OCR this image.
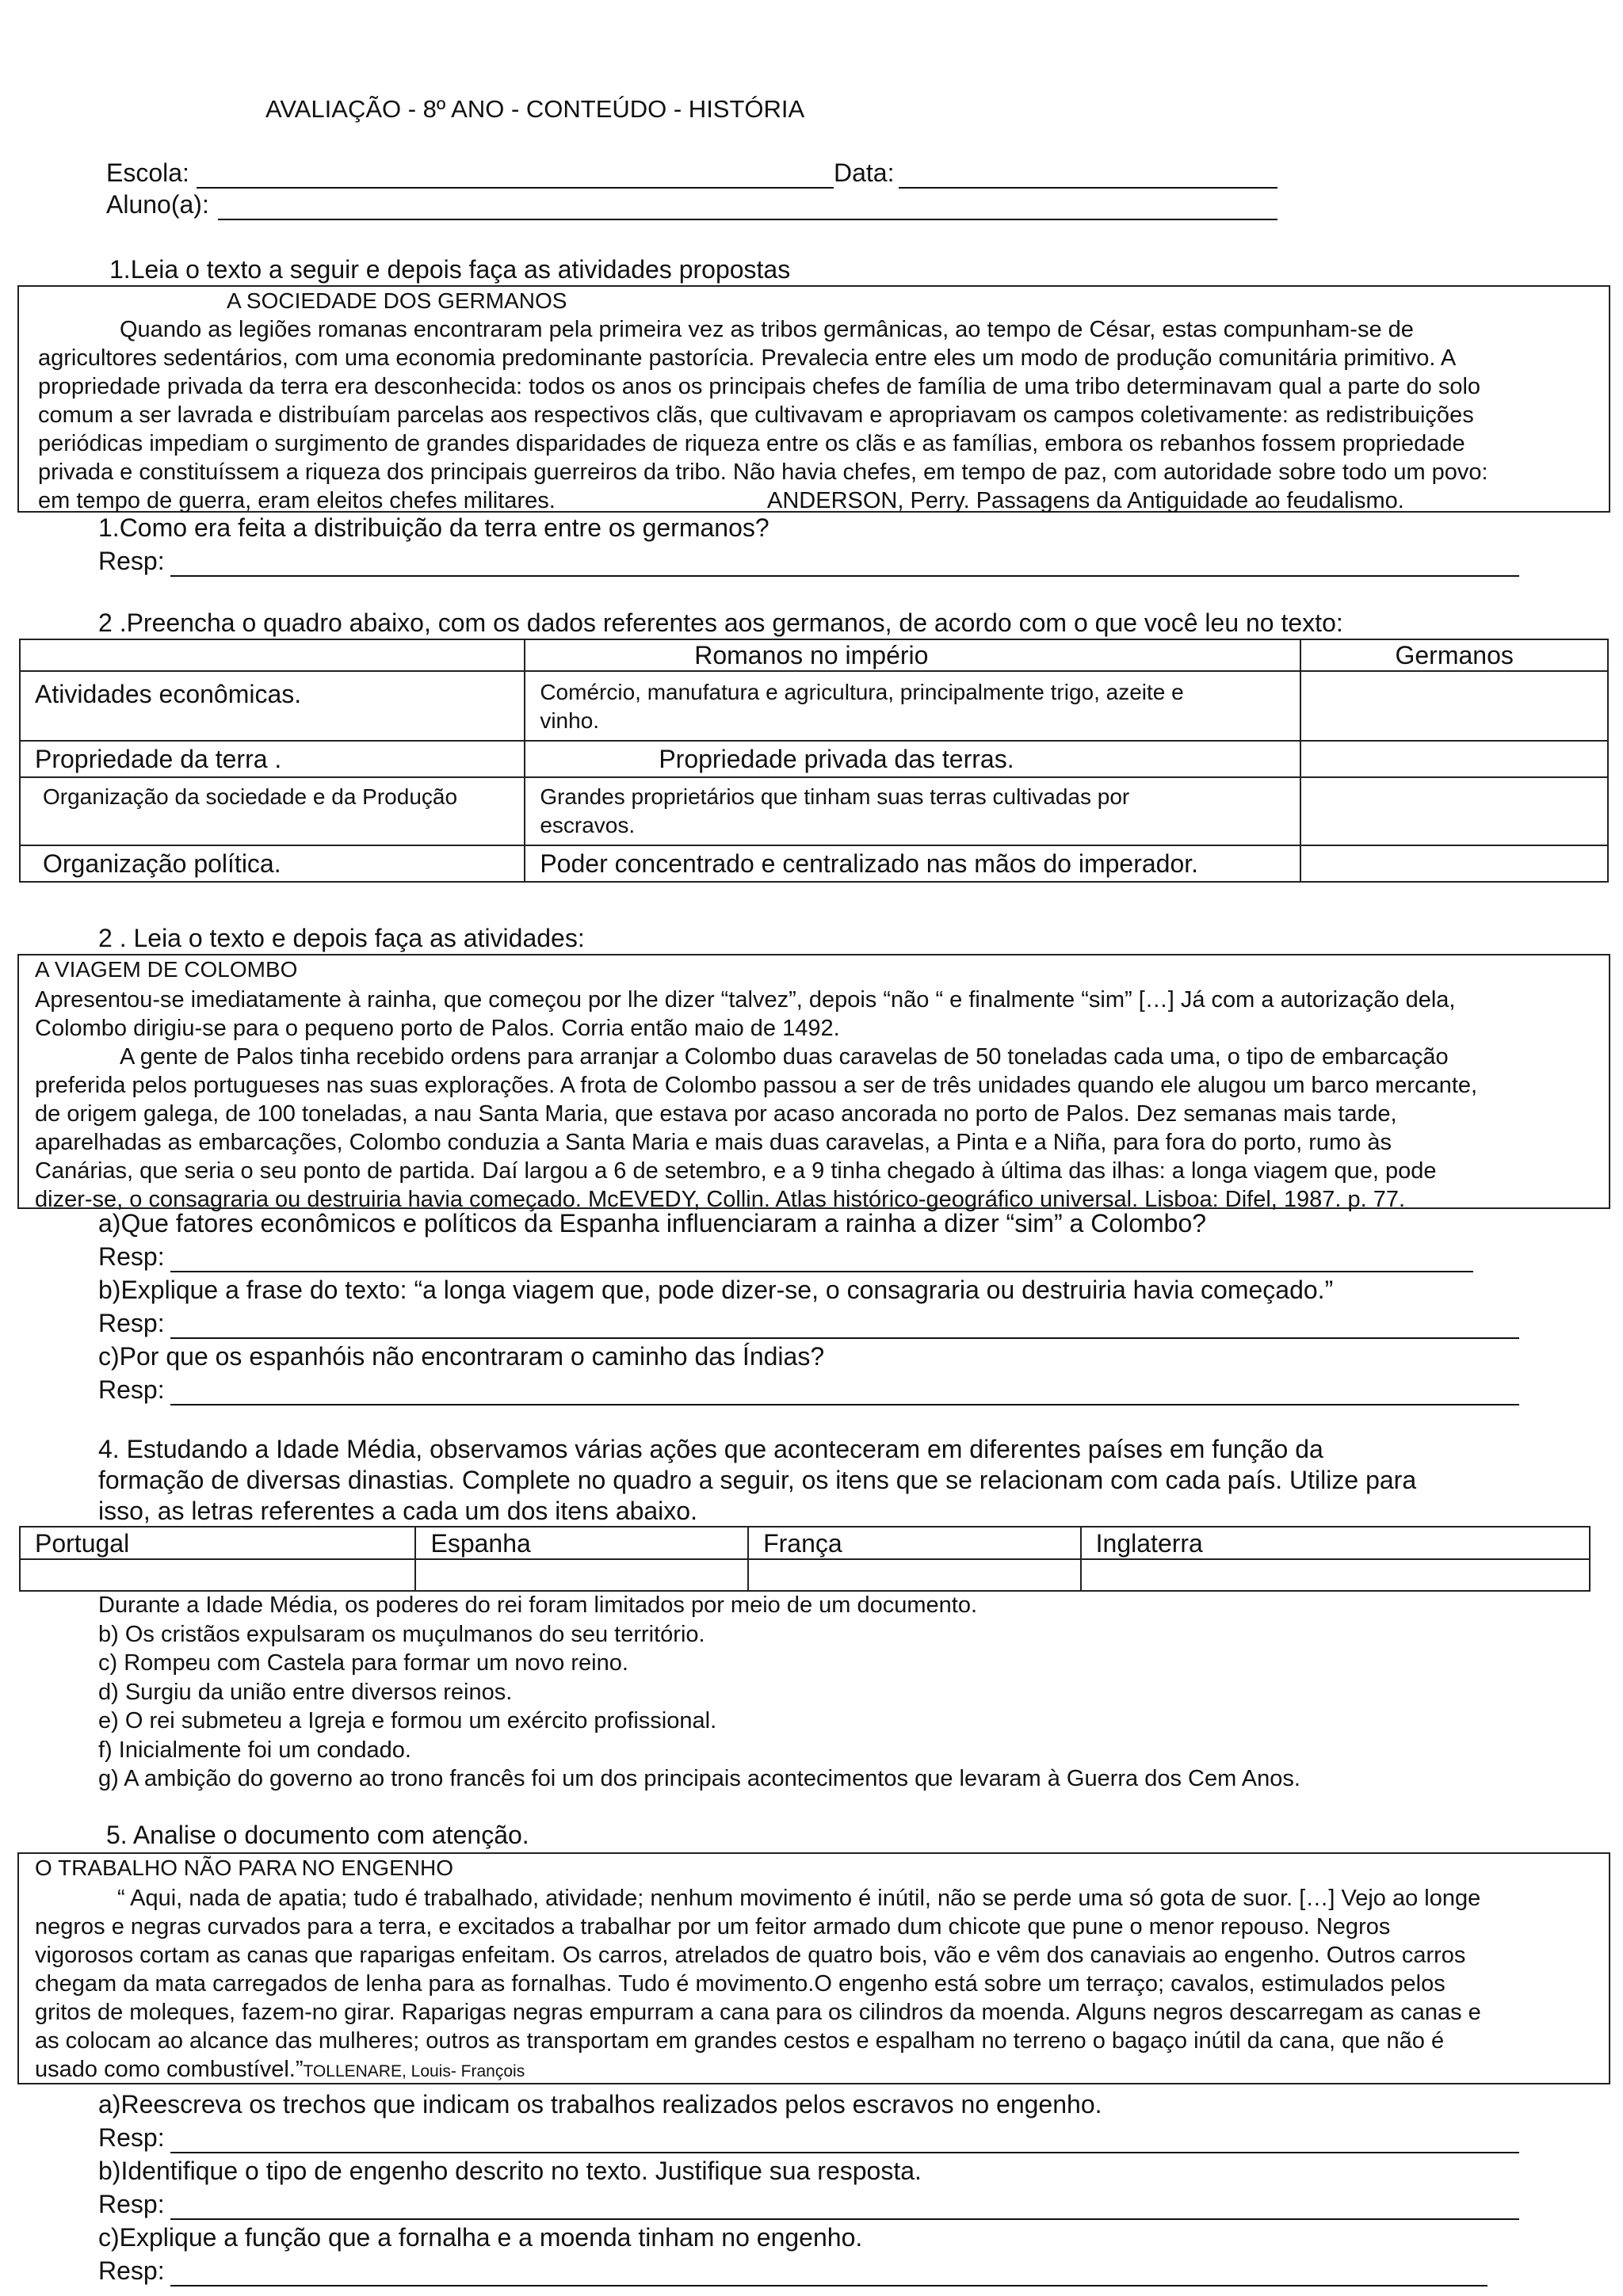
AVALIAÇÃO - 8º ANO - CONTEÚDO - HISTÓRIA
Escola:	Data:
Aluno(a):
1.Leia o texto a seguir e depois faça as atividades propostas
A SOCIEDADE DOS GERMANOS
Quando as legiões romanas encontraram pela primeira vez as tribos germânicas, ao tempo de César, estas compunham-se de
agricultores sedentários, com uma economia predominante pastorícia. Prevalecia entre eles um modo de produção comunitária primitivo. A
propriedade privada da terra era desconhecida: todos os anos os principais chefes de família de uma tribo determinavam qual a parte do solo
comum a ser lavrada e distribuíam parcelas aos respectivos clãs, que cultivavam e apropriavam os campos coletivamente: as redistribuições
periódicas impediam o surgimento de grandes disparidades de riqueza entre os clãs e as famílias, embora os rebanhos fossem propriedade
privada e constituíssem a riqueza dos principais guerreiros da tribo. Não havia chefes, em tempo de paz, com autoridade sobre todo um povo:
em tempo de guerra, eram eleitos chefes militares.	ANDERSON, Perry. Passagens da Antiguidade ao feudalismo.
1.Como era feita a distribuição da terra entre os germanos?
Resp:
2 .Preencha o quadro abaixo, com os dados referentes aos germanos, de acordo com o que você leu no texto:
	Romanos no império	Germanos

Atividades econômicas.	Comércio, manufatura e agricultura, principalmente trigo, azeite e
vinho.	

Propriedade da terra .	Propriedade privada das terras.	

Organização da sociedade e da Produção	Grandes proprietários que tinham suas terras cultivadas por
escravos.	

Organização política.	Poder concentrado e centralizado nas mãos do imperador.	

2 . Leia o texto e depois faça as atividades:
A VIAGEM DE COLOMBO
Apresentou-se imediatamente à rainha, que começou por lhe dizer “talvez”, depois “não “ e finalmente “sim” […] Já com a autorização dela,
Colombo dirigiu-se para o pequeno porto de Palos. Corria então maio de 1492.
A gente de Palos tinha recebido ordens para arranjar a Colombo duas caravelas de 50 toneladas cada uma, o tipo de embarcação
preferida pelos portugueses nas suas explorações. A frota de Colombo passou a ser de três unidades quando ele alugou um barco mercante,
de origem galega, de 100 toneladas, a nau Santa Maria, que estava por acaso ancorada no porto de Palos. Dez semanas mais tarde,
aparelhadas as embarcações, Colombo conduzia a Santa Maria e mais duas caravelas, a Pinta e a Niña, para fora do porto, rumo às
Canárias, que seria o seu ponto de partida. Daí largou a 6 de setembro, e a 9 tinha chegado à última das ilhas: a longa viagem que, pode
dizer-se, o consagraria ou destruiria havia começado. McEVEDY, Collin. Atlas histórico-geográfico universal. Lisboa: Difel, 1987. p. 77.
a)Que fatores econômicos e políticos da Espanha influenciaram a rainha a dizer “sim” a Colombo?
Resp:
b)Explique a frase do texto: “a longa viagem que, pode dizer-se, o consagraria ou destruiria havia começado.”
Resp:
c)Por que os espanhóis não encontraram o caminho das Índias?
Resp:
4. Estudando a Idade Média, observamos várias ações que aconteceram em diferentes países em função da
formação de diversas dinastias. Complete no quadro a seguir, os itens que se relacionam com cada país. Utilize para
isso, as letras referentes a cada um dos itens abaixo.
Portugal	Espanha	França	Inglaterra

Durante a Idade Média, os poderes do rei foram limitados por meio de um documento.
b) Os cristãos expulsaram os muçulmanos do seu território.
c) Rompeu com Castela para formar um novo reino.
d) Surgiu da união entre diversos reinos.
e) O rei submeteu a Igreja e formou um exército profissional.
f) Inicialmente foi um condado.
g) A ambição do governo ao trono francês foi um dos principais acontecimentos que levaram à Guerra dos Cem Anos.
5. Analise o documento com atenção.
O TRABALHO NÃO PARA NO ENGENHO
“ Aqui, nada de apatia; tudo é trabalhado, atividade; nenhum movimento é inútil, não se perde uma só gota de suor. […] Vejo ao longe
negros e negras curvados para a terra, e excitados a trabalhar por um feitor armado dum chicote que pune o menor repouso. Negros
vigorosos cortam as canas que raparigas enfeitam. Os carros, atrelados de quatro bois, vão e vêm dos canaviais ao engenho. Outros carros
chegam da mata carregados de lenha para as fornalhas. Tudo é movimento.O engenho está sobre um terraço; cavalos, estimulados pelos
gritos de moleques, fazem-no girar. Raparigas negras empurram a cana para os cilindros da moenda. Alguns negros descarregam as canas e
as colocam ao alcance das mulheres; outros as transportam em grandes cestos e espalham no terreno o bagaço inútil da cana, que não é
usado como combustível.”TOLLENARE, Louis- François
a)Reescreva os trechos que indicam os trabalhos realizados pelos escravos no engenho.
Resp:
b)Identifique o tipo de engenho descrito no texto. Justifique sua resposta.
Resp:
c)Explique a função que a fornalha e a moenda tinham no engenho.
Resp:
